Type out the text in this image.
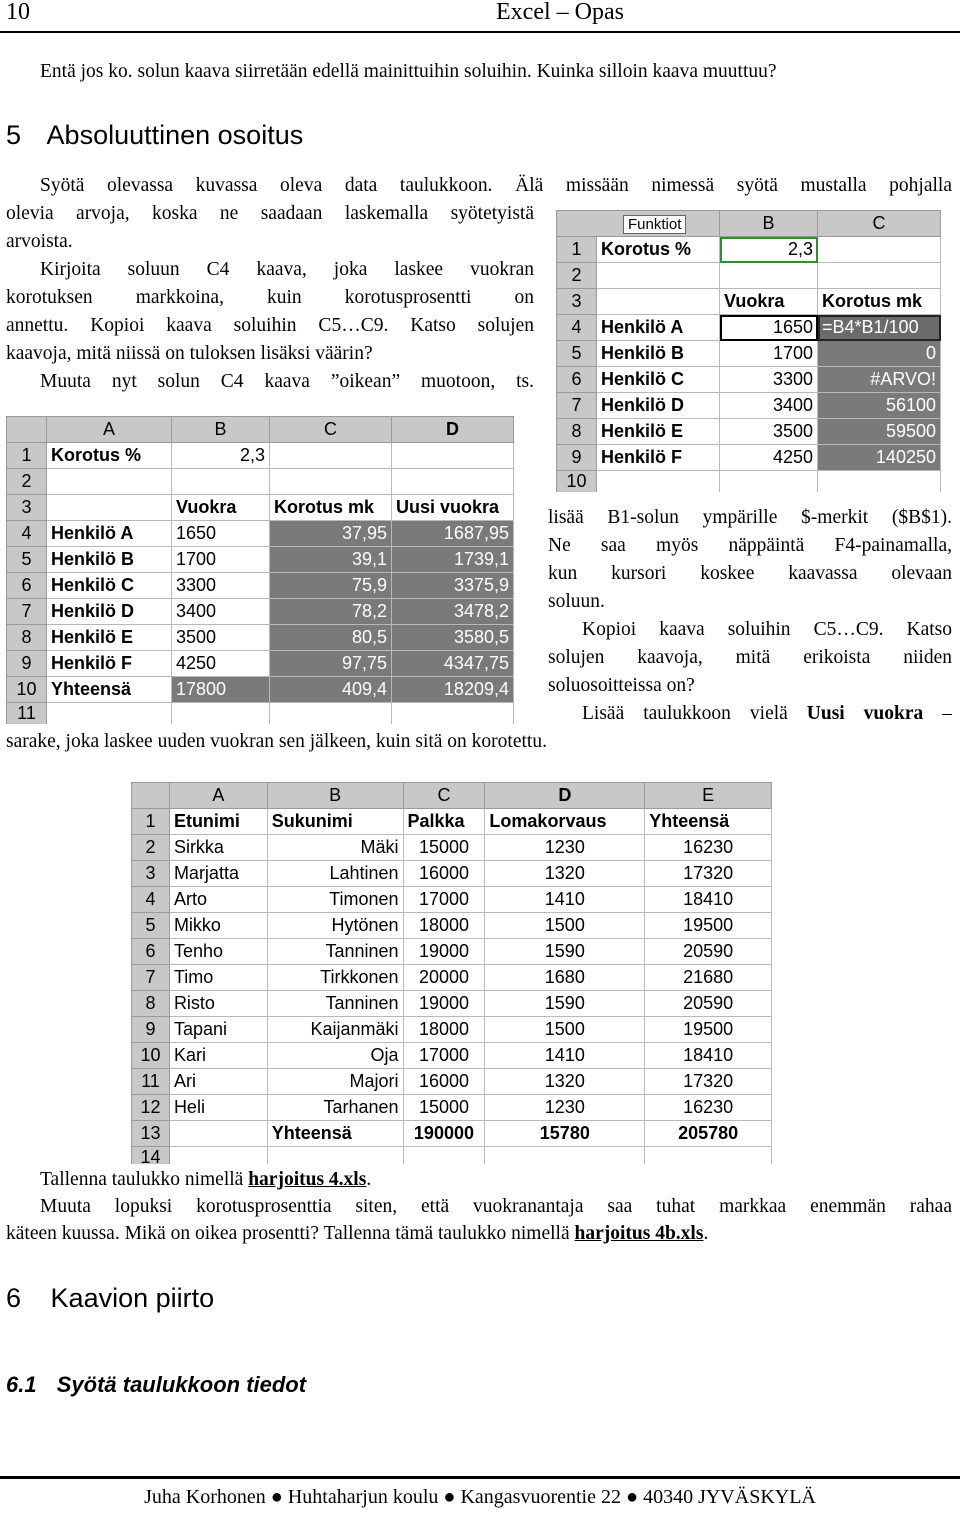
10	Excel – Opas
Entä jos ko. solun kaava siirretään edellä mainittuihin soluihin. Kuinka silloin kaava muuttuu?
5 Absoluuttinen osoitus
Syötä olevassa kuvassa oleva data taulukkoon. Älä missään nimessä syötä mustalla pohjalla
olevia arvoja, koska ne saadaan laskemalla syötetyistä
arvoista.
Kirjoita soluun C4 kaava, joka laskee vuokran
korotuksen markkoina, kuin korotusprosentti on
annettu. Kopioi kaava soluihin C5…C9. Katso solujen
kaavoja, mitä niissä on tuloksen lisäksi väärin?
Muuta nyt solun C4 kaava ”oikean” muotoon, ts.
Funktiot		B	C
1	Korotus %	2,3	
2			
3		Vuokra	Korotus mk
4	Henkilö A	1650	=B4*B1/100
5	Henkilö B	1700	0
6	Henkilö C	3300	#ARVO!
7	Henkilö D	3400	56100
8	Henkilö E	3500	59500
9	Henkilö F	4250	140250
10			
	A	B	C	D
1	Korotus %	2,3		
2				
3		Vuokra	Korotus mk	Uusi vuokra
4	Henkilö A	1650	37,95	1687,95
5	Henkilö B	1700	39,1	1739,1
6	Henkilö C	3300	75,9	3375,9
7	Henkilö D	3400	78,2	3478,2
8	Henkilö E	3500	80,5	3580,5
9	Henkilö F	4250	97,75	4347,75
10	Yhteensä	17800	409,4	18209,4
11				
lisää B1-solun ympärille $-merkit ($B$1).
Ne saa myös näppäintä F4-painamalla,
kun kursori koskee kaavassa olevaan
soluun.
Kopioi kaava soluihin C5…C9. Katso
solujen kaavoja, mitä erikoista niiden
soluosoitteissa on?
Lisää taulukkoon vielä Uusi vuokra –
sarake, joka laskee uuden vuokran sen jälkeen, kuin sitä on korotettu.
	A	B	C	D	E
1	Etunimi	Sukunimi	Palkka	Lomakorvaus	Yhteensä
2	Sirkka	Mäki	15000	1230	16230
3	Marjatta	Lahtinen	16000	1320	17320
4	Arto	Timonen	17000	1410	18410
5	Mikko	Hytönen	18000	1500	19500
6	Tenho	Tanninen	19000	1590	20590
7	Timo	Tirkkonen	20000	1680	21680
8	Risto	Tanninen	19000	1590	20590
9	Tapani	Kaijanmäki	18000	1500	19500
10	Kari	Oja	17000	1410	18410
11	Ari	Majori	16000	1320	17320
12	Heli	Tarhanen	15000	1230	16230
13		Yhteensä	190000	15780	205780
14					
Tallenna taulukko nimellä harjoitus 4.xls.
Muuta lopuksi korotusprosenttia siten, että vuokranantaja saa tuhat markkaa enemmän rahaa
käteen kuussa. Mikä on oikea prosentti? Tallenna tämä taulukko nimellä harjoitus 4b.xls.
6 Kaavion piirto
6.1 Syötä taulukkoon tiedot
Juha Korhonen ● Huhtaharjun koulu ● Kangasvuorentie 22 ● 40340 JYVÄSKYLÄ
